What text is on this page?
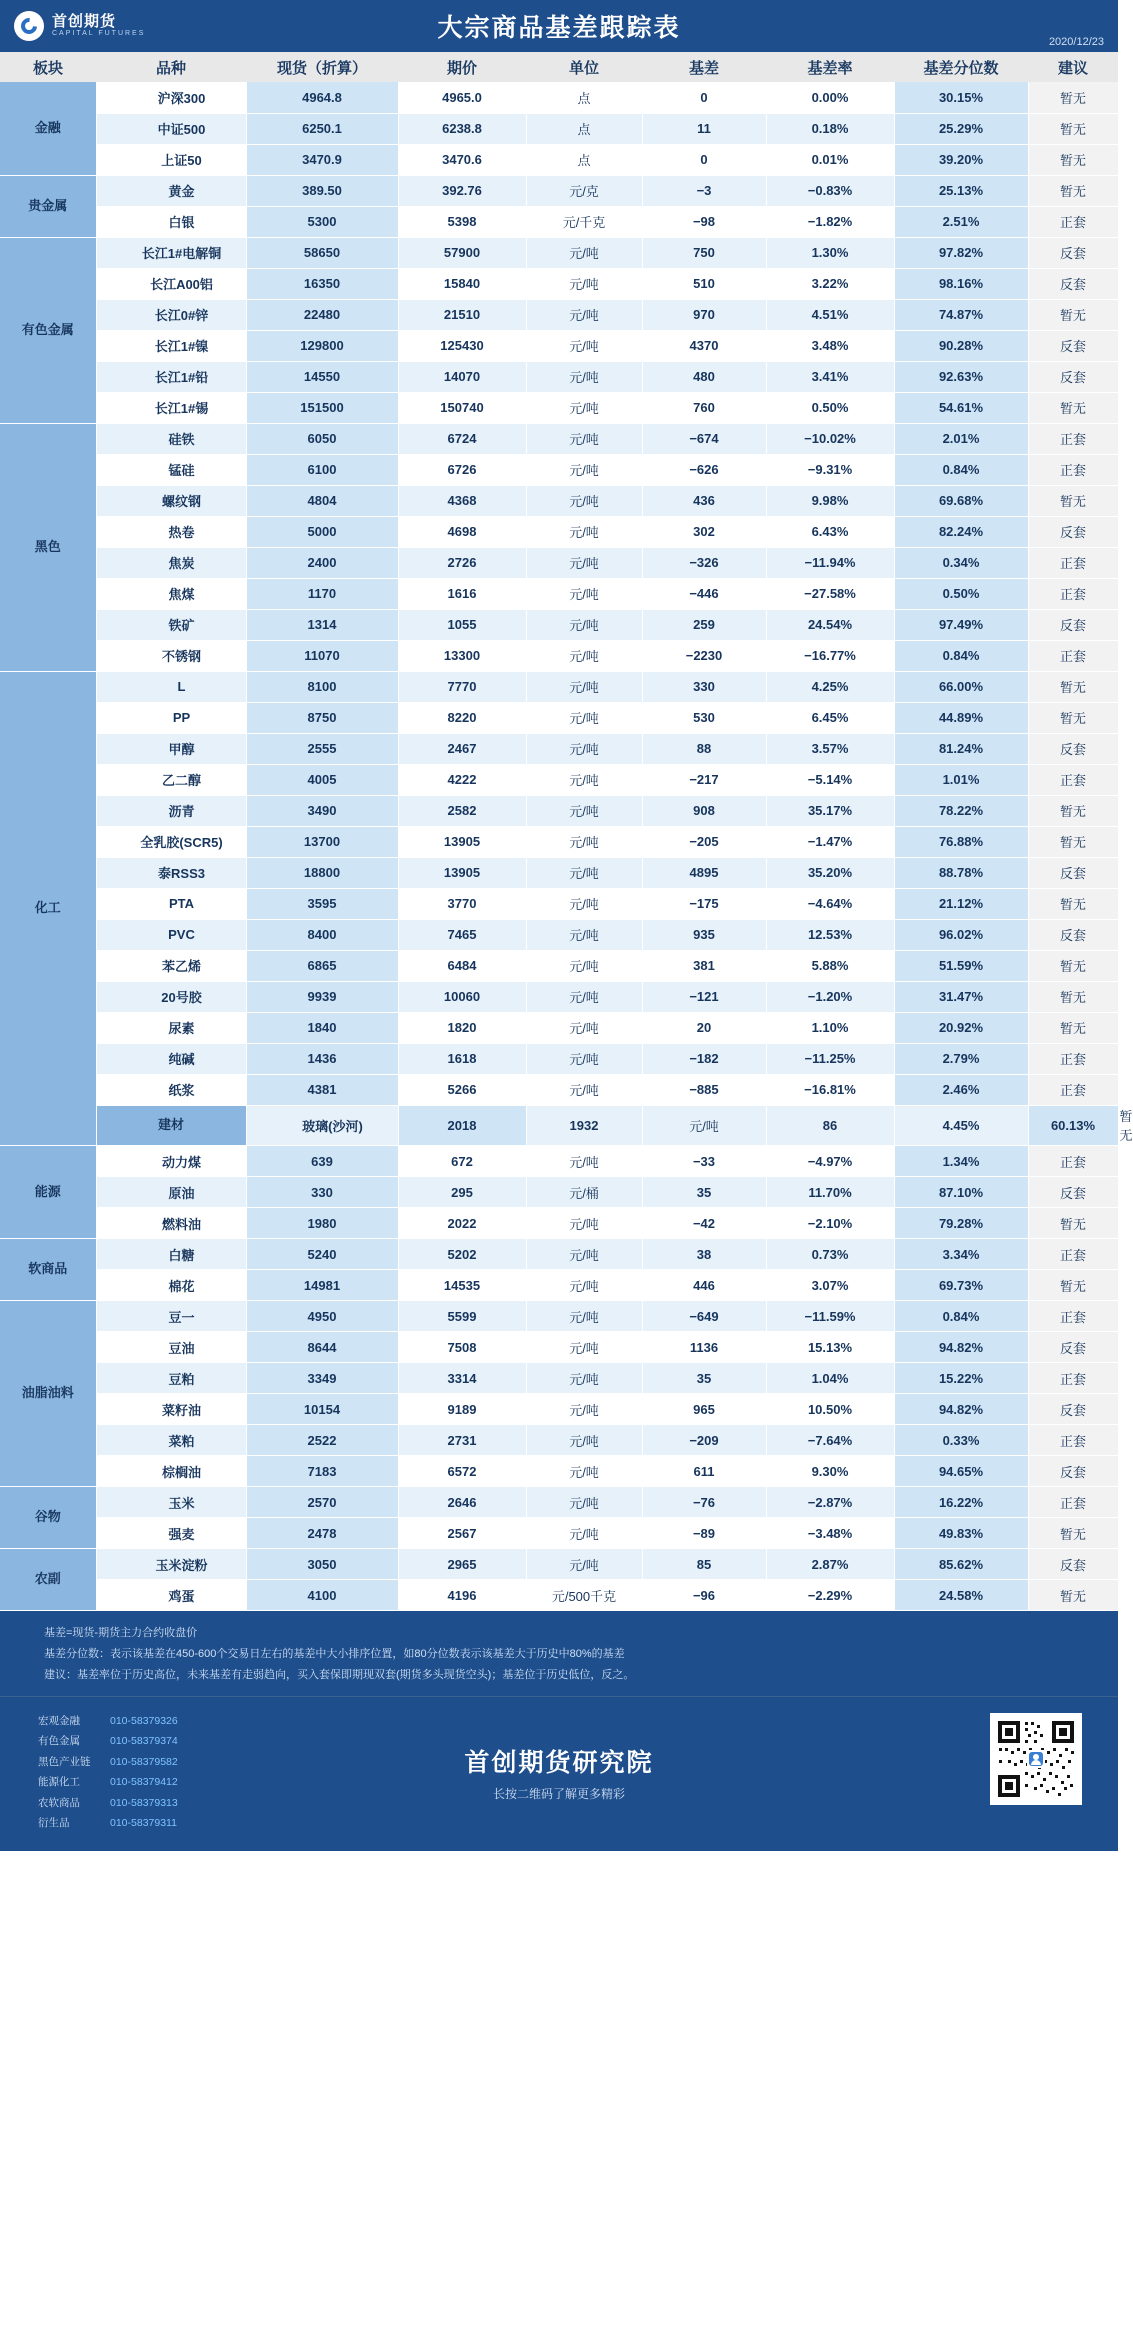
首创期货
CAPITAL FUTURES	大宗商品基差跟踪表	2020/12/23
板块	品种	现货（折算）	期价	单位	基差	基差率	基差分位数	建议	
金融	沪深300	4964.8	4965.0	点	0	0.00%	30.15%	暂无	
	中证500	6250.1	6238.8	点	11	0.18%	25.29%	暂无	
	上证50	3470.9	3470.6	点	0	0.01%	39.20%	暂无	
贵金属	黄金	389.50	392.76	元/克	−3	−0.83%	25.13%	暂无	
	白银	5300	5398	元/千克	−98	−1.82%	2.51%	正套	
有色金属	长江1#电解铜	58650	57900	元/吨	750	1.30%	97.82%	反套	
	长江A00铝	16350	15840	元/吨	510	3.22%	98.16%	反套	
	长江0#锌	22480	21510	元/吨	970	4.51%	74.87%	暂无	
	长江1#镍	129800	125430	元/吨	4370	3.48%	90.28%	反套	
	长江1#铅	14550	14070	元/吨	480	3.41%	92.63%	反套	
	长江1#锡	151500	150740	元/吨	760	0.50%	54.61%	暂无	
黑色	硅铁	6050	6724	元/吨	−674	−10.02%	2.01%	正套	
	锰硅	6100	6726	元/吨	−626	−9.31%	0.84%	正套	
	螺纹钢	4804	4368	元/吨	436	9.98%	69.68%	暂无	
	热卷	5000	4698	元/吨	302	6.43%	82.24%	反套	
	焦炭	2400	2726	元/吨	−326	−11.94%	0.34%	正套	
	焦煤	1170	1616	元/吨	−446	−27.58%	0.50%	正套	
	铁矿	1314	1055	元/吨	259	24.54%	97.49%	反套	
	不锈钢	11070	13300	元/吨	−2230	−16.77%	0.84%	正套	
化工	L	8100	7770	元/吨	330	4.25%	66.00%	暂无	
	PP	8750	8220	元/吨	530	6.45%	44.89%	暂无	
	甲醇	2555	2467	元/吨	88	3.57%	81.24%	反套	
	乙二醇	4005	4222	元/吨	−217	−5.14%	1.01%	正套	
	沥青	3490	2582	元/吨	908	35.17%	78.22%	暂无	
	全乳胶(SCR5)	13700	13905	元/吨	−205	−1.47%	76.88%	暂无	
	泰RSS3	18800	13905	元/吨	4895	35.20%	88.78%	反套	
	PTA	3595	3770	元/吨	−175	−4.64%	21.12%	暂无	
	PVC	8400	7465	元/吨	935	12.53%	96.02%	反套	
	苯乙烯	6865	6484	元/吨	381	5.88%	51.59%	暂无	
	20号胶	9939	10060	元/吨	−121	−1.20%	31.47%	暂无	
	尿素	1840	1820	元/吨	20	1.10%	20.92%	暂无	
	纯碱	1436	1618	元/吨	−182	−11.25%	2.79%	正套	
	纸浆	4381	5266	元/吨	−885	−16.81%	2.46%	正套	
	建材	玻璃(沙河)	2018	1932	元/吨	86	4.45%	60.13%	暂无
能源	动力煤	639	672	元/吨	−33	−4.97%	1.34%	正套	
	原油	330	295	元/桶	35	11.70%	87.10%	反套	
	燃料油	1980	2022	元/吨	−42	−2.10%	79.28%	暂无	
软商品	白糖	5240	5202	元/吨	38	0.73%	3.34%	正套	
	棉花	14981	14535	元/吨	446	3.07%	69.73%	暂无	
油脂油料	豆一	4950	5599	元/吨	−649	−11.59%	0.84%	正套	
	豆油	8644	7508	元/吨	1136	15.13%	94.82%	反套	
	豆粕	3349	3314	元/吨	35	1.04%	15.22%	正套	
	菜籽油	10154	9189	元/吨	965	10.50%	94.82%	反套	
	菜粕	2522	2731	元/吨	−209	−7.64%	0.33%	正套	
	棕榈油	7183	6572	元/吨	611	9.30%	94.65%	反套	
谷物	玉米	2570	2646	元/吨	−76	−2.87%	16.22%	正套	
	强麦	2478	2567	元/吨	−89	−3.48%	49.83%	暂无	
农副	玉米淀粉	3050	2965	元/吨	85	2.87%	85.62%	反套	
	鸡蛋	4100	4196	元/500千克	−96	−2.29%	24.58%	暂无	
基差=现货-期货主力合约收盘价
基差分位数：表示该基差在450-600个交易日左右的基差中大小排序位置，如80分位数表示该基差大于历史中80%的基差
建议：基差率位于历史高位，未来基差有走弱趋向，买入套保即期现双套(期货多头现货空头)；基差位于历史低位，反之。
宏观金融	010-58379326
有色金属	010-58379374
黑色产业链	010-58379582
能源化工	010-58379412
农软商品	010-58379313
衍生品	010-58379311
首创期货研究院
长按二维码了解更多精彩
